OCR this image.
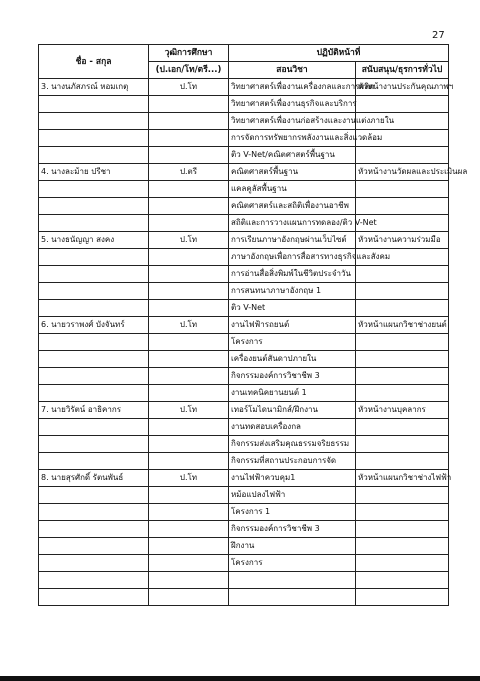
27
ชื่อ - สกุล	วุฒิการศึกษา	ปฏิบัติหน้าที่	
	(ป.เอก/โท/ตรี...)	สอนวิชา	สนับสนุน/ธุรการทั่วไป
3. นางนภัสภรณ์ หอมเกตุ	ป.โท	วิทยาศาสตร์เพื่องานเครื่องกลและการผลิต	หัวหน้างานประกันคุณภาพฯ
		วิทยาศาสตร์เพื่องานธุรกิจและบริการ	
		วิทยาศาสตร์เพื่องานก่อสร้างและงานแต่งภายใน	
		การจัดการทรัพยากรพลังงานและสิ่งแวดล้อม	
		ติว V-Net/คณิตศาสตร์พื้นฐาน	
4. นางละม้าย ปรีชา	ป.ตรี	คณิตศาสตร์พื้นฐาน	หัวหน้างานวัดผลและประเมินผล
		แคลคูลัสพื้นฐาน	
		คณิตศาสตร์และสถิติเพื่องานอาชีพ	
		สถิติและการวางแผนการทดลอง/ติว V-Net	
5. นางธนัญญา สงคง	ป.โท	การเรียนภาษาอังกฤษผ่านเว็บไซต์	หัวหน้างานความร่วมมือ
		ภาษาอังกฤษเพื่อการสื่อสารทางธุรกิจและสังคม	
		การอ่านสื่อสิ่งพิมพ์ในชีวิตประจำวัน	
		การสนทนาภาษาอังกฤษ 1	
		ติว V-Net	
6. นายวราพงศ์ บังจันทร์	ป.โท	งานไฟฟ้ารถยนต์	หัวหน้าแผนกวิชาช่างยนต์
		โครงการ	
		เครื่องยนต์สันดาปภายใน	
		กิจกรรมองค์การวิชาชีพ 3	
		งานเทคนิคยานยนต์ 1	
7. นายวิรัตน์ อาธิคากร	ป.โท	เทอร์โมไดนามิกส์/ฝึกงาน	หัวหน้างานบุคลากร
		งานทดสอบเครื่องกล	
		กิจกรรมส่งเสริมคุณธรรมจริยธรรม	
		กิจกรรมที่สถานประกอบการจัด	
8. นายสุรศักดิ์ รัตนพันธ์	ป.โท	งานไฟฟ้าควบคุม1	หัวหน้าแผนกวิชาช่างไฟฟ้า
		หม้อแปลงไฟฟ้า	
		โครงการ 1	
		กิจกรรมองค์การวิชาชีพ 3	
		ฝึกงาน	
		โครงการ	
